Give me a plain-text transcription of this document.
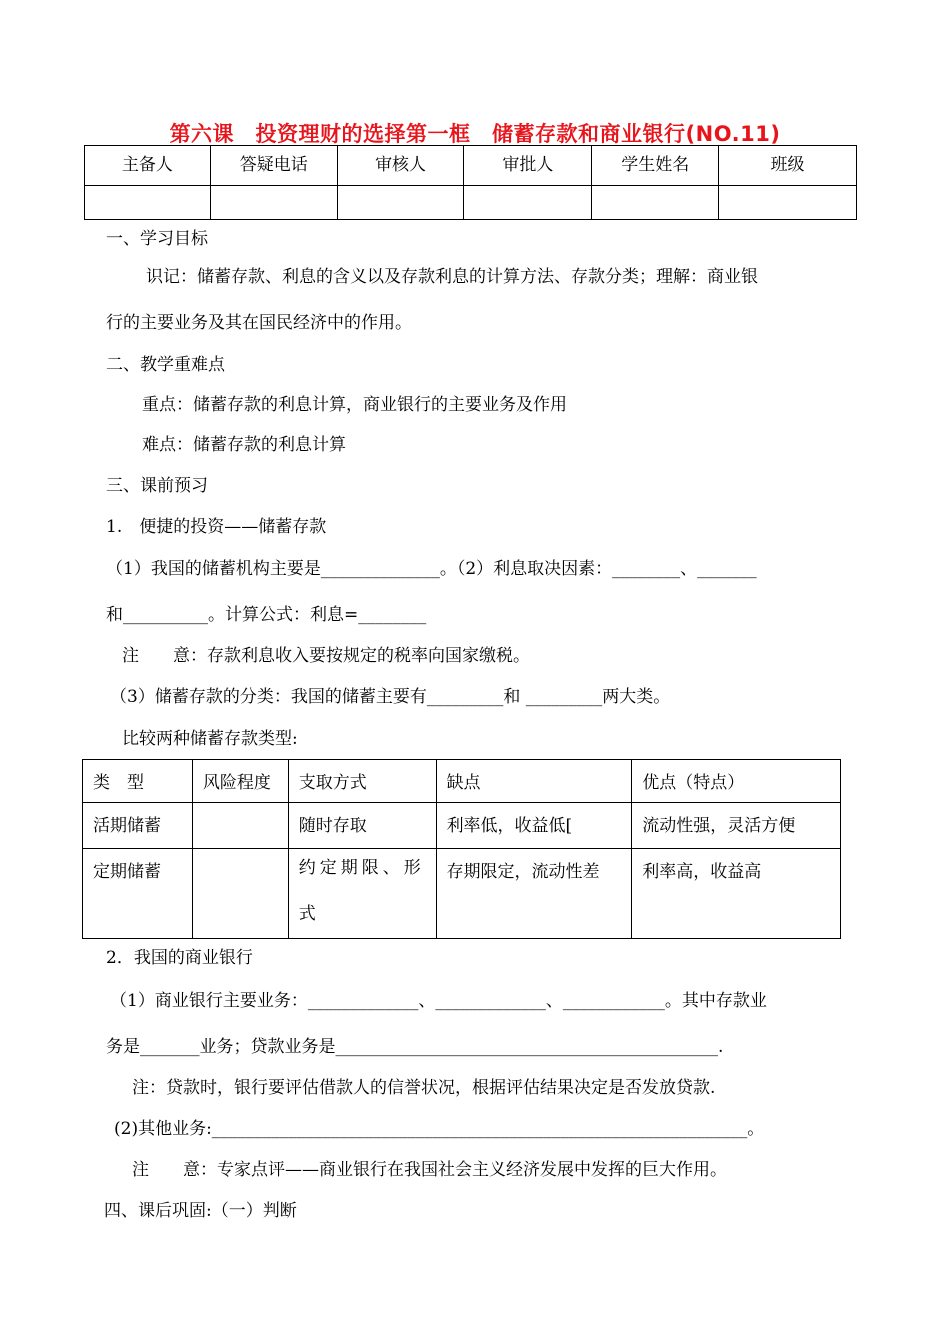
第六课　投资理财的选择第一框　储蓄存款和商业银行(NO.11)
主备人	答疑电话	审核人	审批人	学生姓名	班级

一、学习目标
识记：储蓄存款、利息的含义以及存款利息的计算方法、存款分类；理解：商业银
行的主要业务及其在国民经济中的作用。
二、教学重难点
重点：储蓄存款的利息计算，商业银行的主要业务及作用
难点：储蓄存款的利息计算
三、课前预习
1.　便捷的投资——储蓄存款
（1）我国的储蓄机构主要是______________。（2）利息取决因素：________、_______
和__________。计算公式：利息=________
注　　意：存款利息收入要按规定的税率向国家缴税。
（3）储蓄存款的分类：我国的储蓄主要有_________和 _________两大类。
比较两种储蓄存款类型:
类　型	风险程度	支取方式	缺点	优点（特点）
活期储蓄		随时存取	利率低，收益低[	流动性强，灵活方便
定期储蓄		约定期限、形式	存期限定，流动性差	利率高，收益高
2．我国的商业银行
（1）商业银行主要业务：_____________、_____________、____________。其中存款业
务是_______业务；贷款业务是_____________________________________________.
注：贷款时，银行要评估借款人的信誉状况，根据评估结果决定是否发放贷款.
(2)其他业务:_______________________________________________________________。
注　　意：专家点评——商业银行在我国社会主义经济发展中发挥的巨大作用。
四、课后巩固:（一）判断
